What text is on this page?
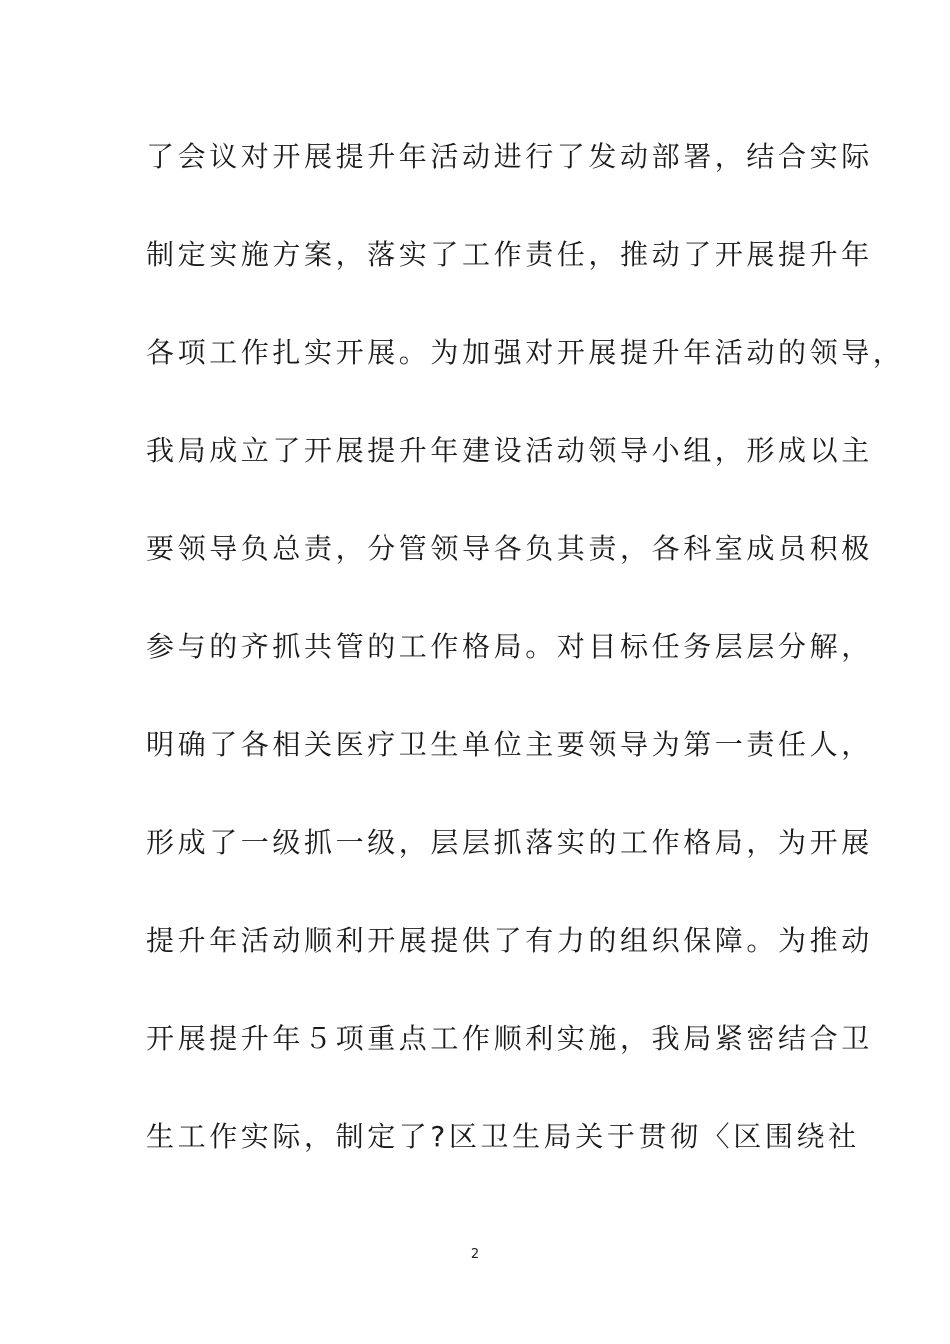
了会议对开展提升年活动进行了发动部署，结合实际
制定实施方案，落实了工作责任，推动了开展提升年
各项工作扎实开展。为加强对开展提升年活动的领导，
我局成立了开展提升年建设活动领导小组，形成以主
要领导负总责，分管领导各负其责，各科室成员积极
参与的齐抓共管的工作格局。对目标任务层层分解，
明确了各相关医疗卫生单位主要领导为第一责任人，
形成了一级抓一级，层层抓落实的工作格局，为开展
提升年活动顺利开展提供了有力的组织保障。为推动
开展提升年５项重点工作顺利实施，我局紧密结合卫
生工作实际，制定了?区卫生局关于贯彻〈区围绕社
2
